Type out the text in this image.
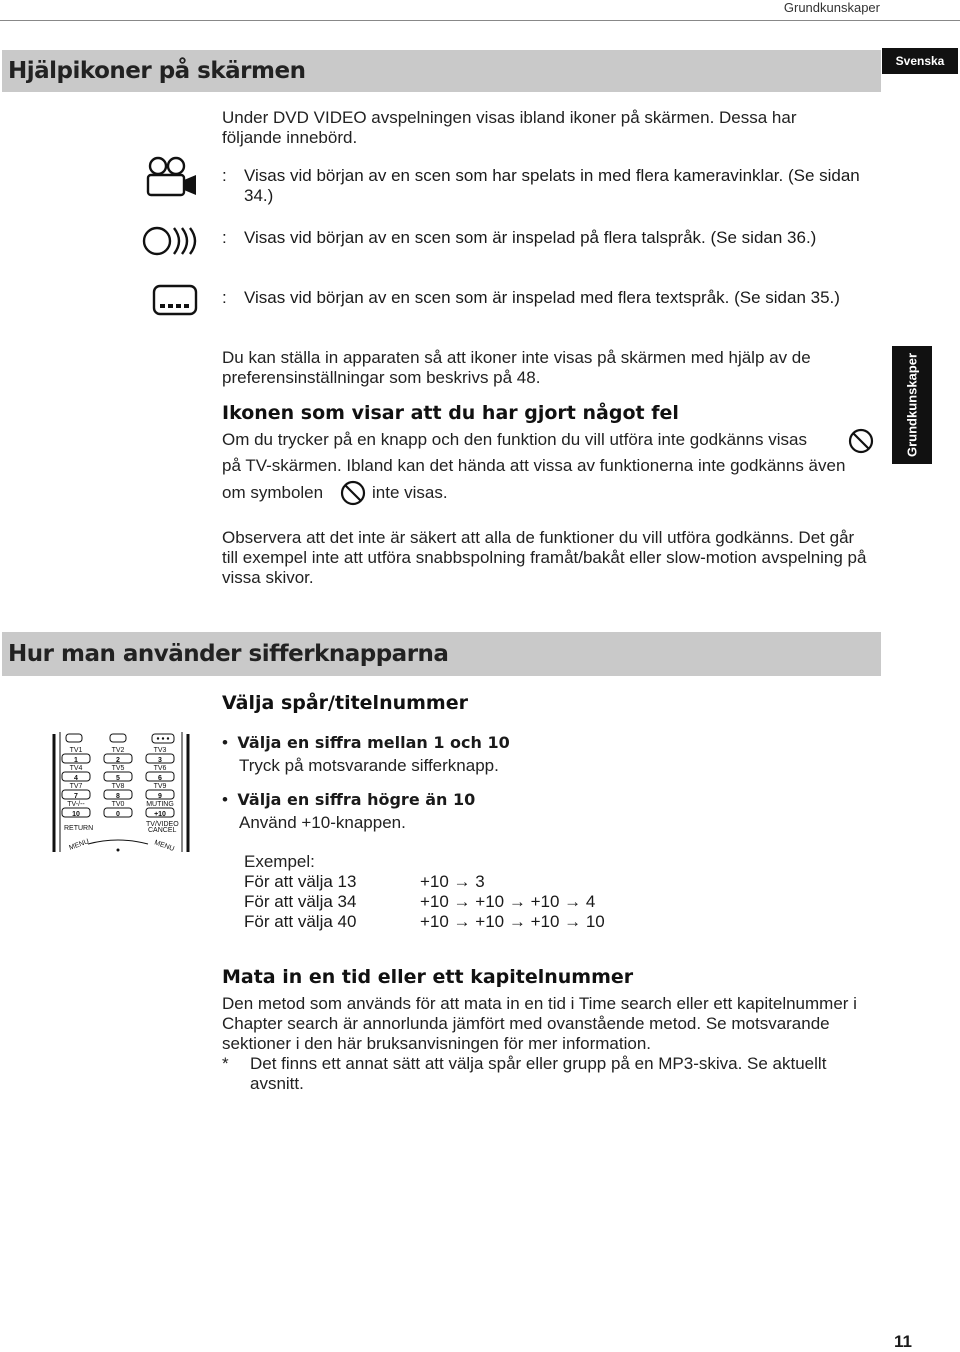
Grundkunskaper
Hjälpikoner på skärmen	Svenska
Under DVD VIDEO avspelningen visas ibland ikoner på skärmen. Dessa har följande innebörd.
: Visas vid början av en scen som har spelats in med flera kameravinklar. (Se sidan 34.)
: Visas vid början av en scen som är inspelad på flera talspråk. (Se sidan 36.)
: Visas vid början av en scen som är inspelad med flera textspråk. (Se sidan 35.)
Du kan ställa in apparaten så att ikoner inte visas på skärmen med hjälp av de preferensinställningar som beskrivs på 48.	Grundkunskaper
Ikonen som visar att du har gjort något fel
Om du trycker på en knapp och den funktion du vill utföra inte godkänns visas
på TV-skärmen. Ibland kan det hända att vissa av funktionerna inte godkänns även
om symbolen	inte visas.
Observera att det inte är säkert att alla de funktioner du vill utföra godkänns. Det går till exempel inte att utföra snabbspolning framåt/bakåt eller slow-motion avspelning på vissa skivor.
Hur man använder sifferknapparna
Välja spår/titelnummer
TV1	TV2	TV3
TV4	TV5	TV6
TV7	TV8	TV9
TV-/--	TV0	MUTING
1	2	3
4	5	6
7	8	9
10	0	+10
RETURN
TV/VIDEO
CANCEL
MENU	MENU
•  Välja en siffra mellan 1 och 10
Tryck på motsvarande sifferknapp.
•  Välja en siffra högre än 10
Använd +10-knappen.
Exempel:
För att välja 13	+10 → 3
För att välja 34	+10 → +10 → +10 → 4
För att välja 40	+10 → +10 → +10 → 10
Mata in en tid eller ett kapitelnummer
Den metod som används för att mata in en tid i Time search eller ett kapitelnummer i Chapter search är annorlunda jämfört med ovanstående metod. Se motsvarande sektioner i den här bruksanvisningen för mer information.
* Det finns ett annat sätt att välja spår eller grupp på en MP3-skiva. Se aktuellt avsnitt.
11
